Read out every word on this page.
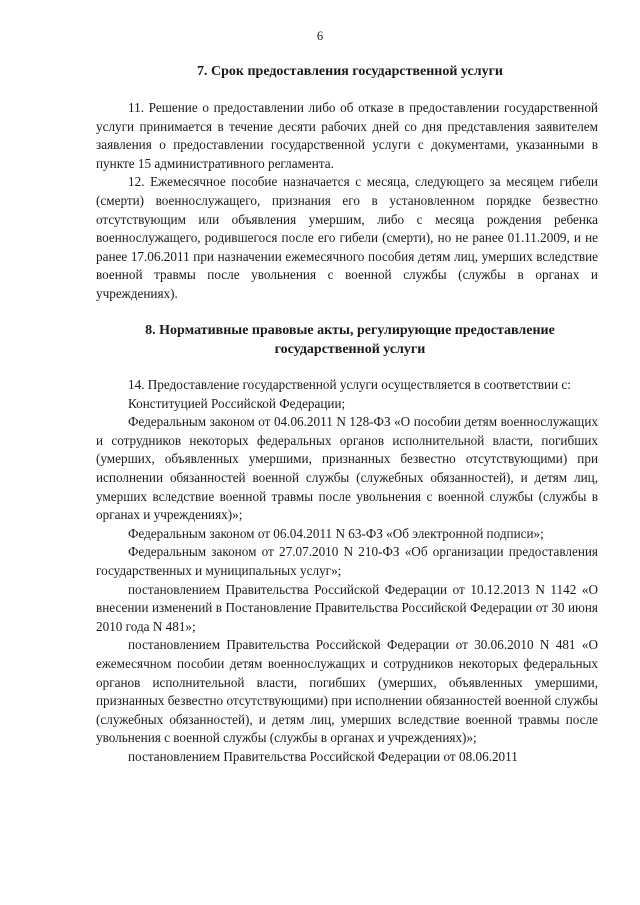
6
7. Срок предоставления государственной услуги

11. Решение о предоставлении либо об отказе в предоставлении государственной услуги принимается в течение десяти рабочих дней со дня представления заявителем заявления о предоставлении государственной услуги с документами, указанными в пункте 15 административного регламента.

12. Ежемесячное пособие назначается с месяца, следующего за месяцем гибели (смерти) военнослужащего, признания его в установленном порядке безвестно отсутствующим или объявления умершим, либо с месяца рождения ребенка военнослужащего, родившегося после его гибели (смерти), но не ранее 01.11.2009, и не ранее 17.06.2011 при назначении ежемесячного пособия детям лиц, умерших вследствие военной травмы после увольнения с военной службы (службы в органах и учреждениях).

8. Нормативные правовые акты, регулирующие предоставление
государственной услуги

14. Предоставление государственной услуги осуществляется в соответствии с:

Конституцией Российской Федерации;

Федеральным законом от 04.06.2011 N 128-ФЗ «О пособии детям военнослужащих и сотрудников некоторых федеральных органов исполнительной власти, погибших (умерших, объявленных умершими, признанных безвестно отсутствующими) при исполнении обязанностей военной службы (служебных обязанностей), и детям лиц, умерших вследствие военной травмы после увольнения с военной службы (службы в органах и учреждениях)»;

Федеральным законом от 06.04.2011 N 63-ФЗ «Об электронной подписи»;

Федеральным законом от 27.07.2010 N 210-ФЗ «Об организации предоставления государственных и муниципальных услуг»;

постановлением Правительства Российской Федерации от 10.12.2013 N 1142 «О внесении изменений в Постановление Правительства Российской Федерации от 30 июня 2010 года N 481»;

постановлением Правительства Российской Федерации от 30.06.2010 N 481 «О ежемесячном пособии детям военнослужащих и сотрудников некоторых федеральных органов исполнительной власти, погибших (умерших, объявленных умершими, признанных безвестно отсутствующими) при исполнении обязанностей военной службы (служебных обязанностей), и детям лиц, умерших вследствие военной травмы после увольнения с военной службы (службы в органах и учреждениях)»;

постановлением Правительства Российской Федерации от 08.06.2011
